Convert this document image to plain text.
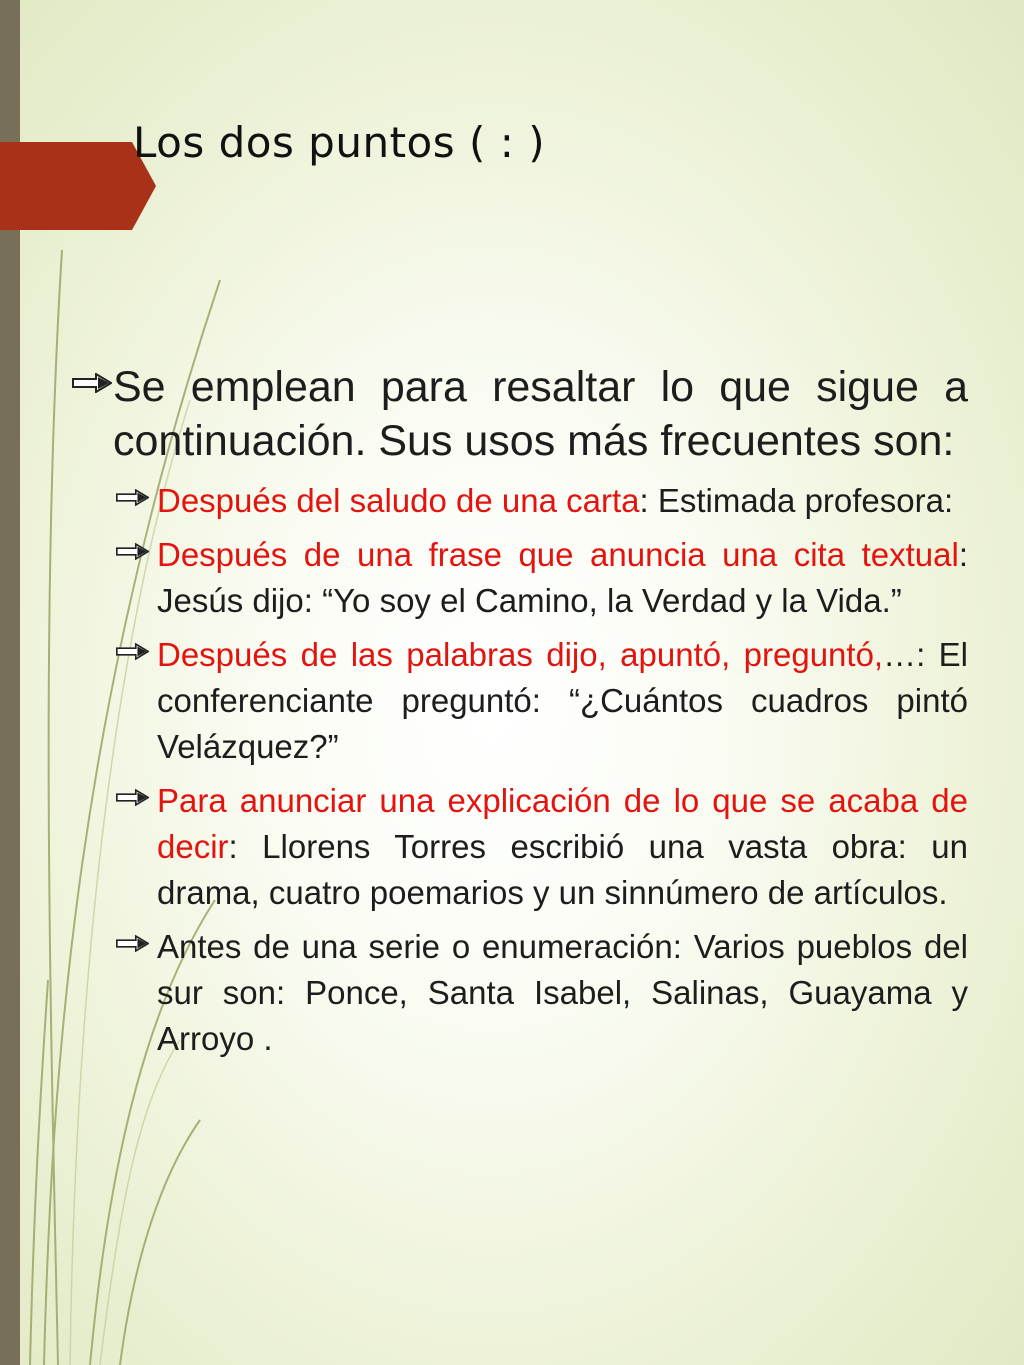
Los dos puntos ( : )
Se emplean para resaltar lo que sigue a continuación. Sus usos más frecuentes son:
Después del saludo de una carta: Estimada profesora:
Después de una frase que anuncia una cita textual: Jesús dijo: “Yo soy el Camino, la Verdad y la Vida.”
Después de las palabras dijo, apuntó, preguntó,…: El conferenciante preguntó: “¿Cuántos cuadros pintó Velázquez?”
Para anunciar una explicación de lo que se acaba de decir: Llorens Torres escribió una vasta obra: un drama, cuatro poemarios y un sinnúmero de artículos.
Antes de una serie o enumeración: Varios pueblos del sur son: Ponce, Santa Isabel, Salinas, Guayama y Arroyo .
